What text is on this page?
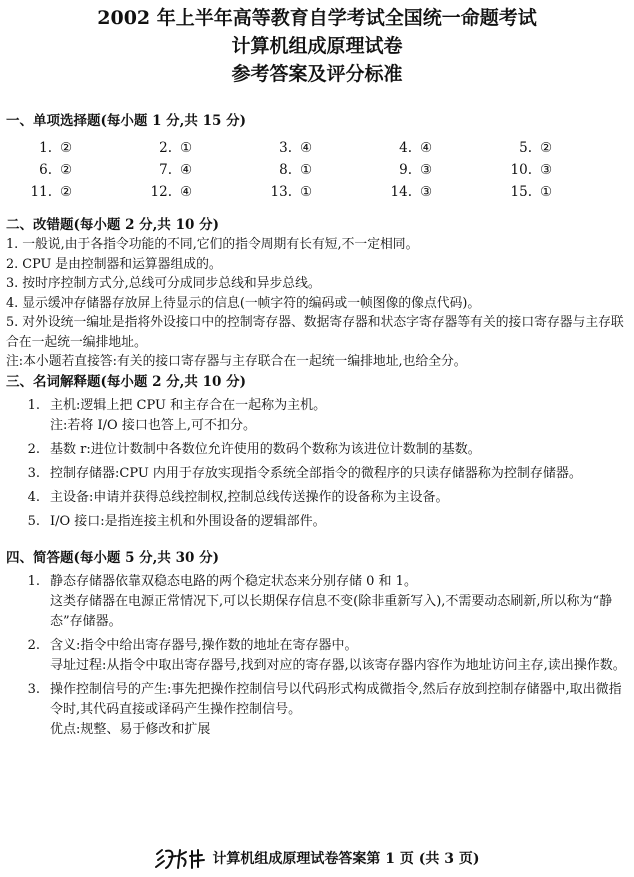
2002 年上半年高等教育自学考试全国统一命题考试

计算机组成原理试卷

参考答案及评分标准

一、单项选择题(每小题 1 分,共 15 分)

1. ②	2. ①	3. ④	4. ④	5. ②
6. ②	7. ④	8. ①	9. ③	10. ③
11. ②	12. ④	13. ①	14. ③	15. ①

二、改错题(每小题 2 分,共 10 分)

1. 一般说,由于各指令功能的不同,它们的指令周期有长有短,不一定相同。

2. CPU 是由控制器和运算器组成的。

3. 按时序控制方式分,总线可分成同步总线和异步总线。

4. 显示缓冲存储器存放屏上待显示的信息(一帧字符的编码或一帧图像的像点代码)。

5. 对外设统一编址是指将外设接口中的控制寄存器、数据寄存器和状态字寄存器等有关的接口寄存器与主存联合在一起统一编排地址。

注:本小题若直接答:有关的接口寄存器与主存联合在一起统一编排地址,也给全分。

三、名词解释题(每小题 2 分,共 10 分)

1. 主机:逻辑上把 CPU 和主存合在一起称为主机。

注:若将 I/O 接口也答上,可不扣分。

2. 基数 r:进位计数制中各数位允许使用的数码个数称为该进位计数制的基数。

3. 控制存储器:CPU 内用于存放实现指令系统全部指令的微程序的只读存储器称为控制存储器。

4. 主设备:申请并获得总线控制权,控制总线传送操作的设备称为主设备。

5. I/O 接口:是指连接主机和外围设备的逻辑部件。

四、简答题(每小题 5 分,共 30 分)

1. 静态存储器依靠双稳态电路的两个稳定状态来分别存储 0 和 1。

这类存储器在电源正常情况下,可以长期保存信息不变(除非重新写入),不需要动态刷新,所以称为“静态”存储器。

2. 含义:指令中给出寄存器号,操作数的地址在寄存器中。

寻址过程:从指令中取出寄存器号,找到对应的寄存器,以该寄存器内容作为地址访问主存,读出操作数。

3. 操作控制信号的产生:事先把操作控制信号以代码形式构成微指令,然后存放到控制存储器中,取出微指令时,其代码直接或译码产生操作控制信号。

优点:规整、易于修改和扩展

计算机组成原理试卷答案第 1 页 (共 3 页)
